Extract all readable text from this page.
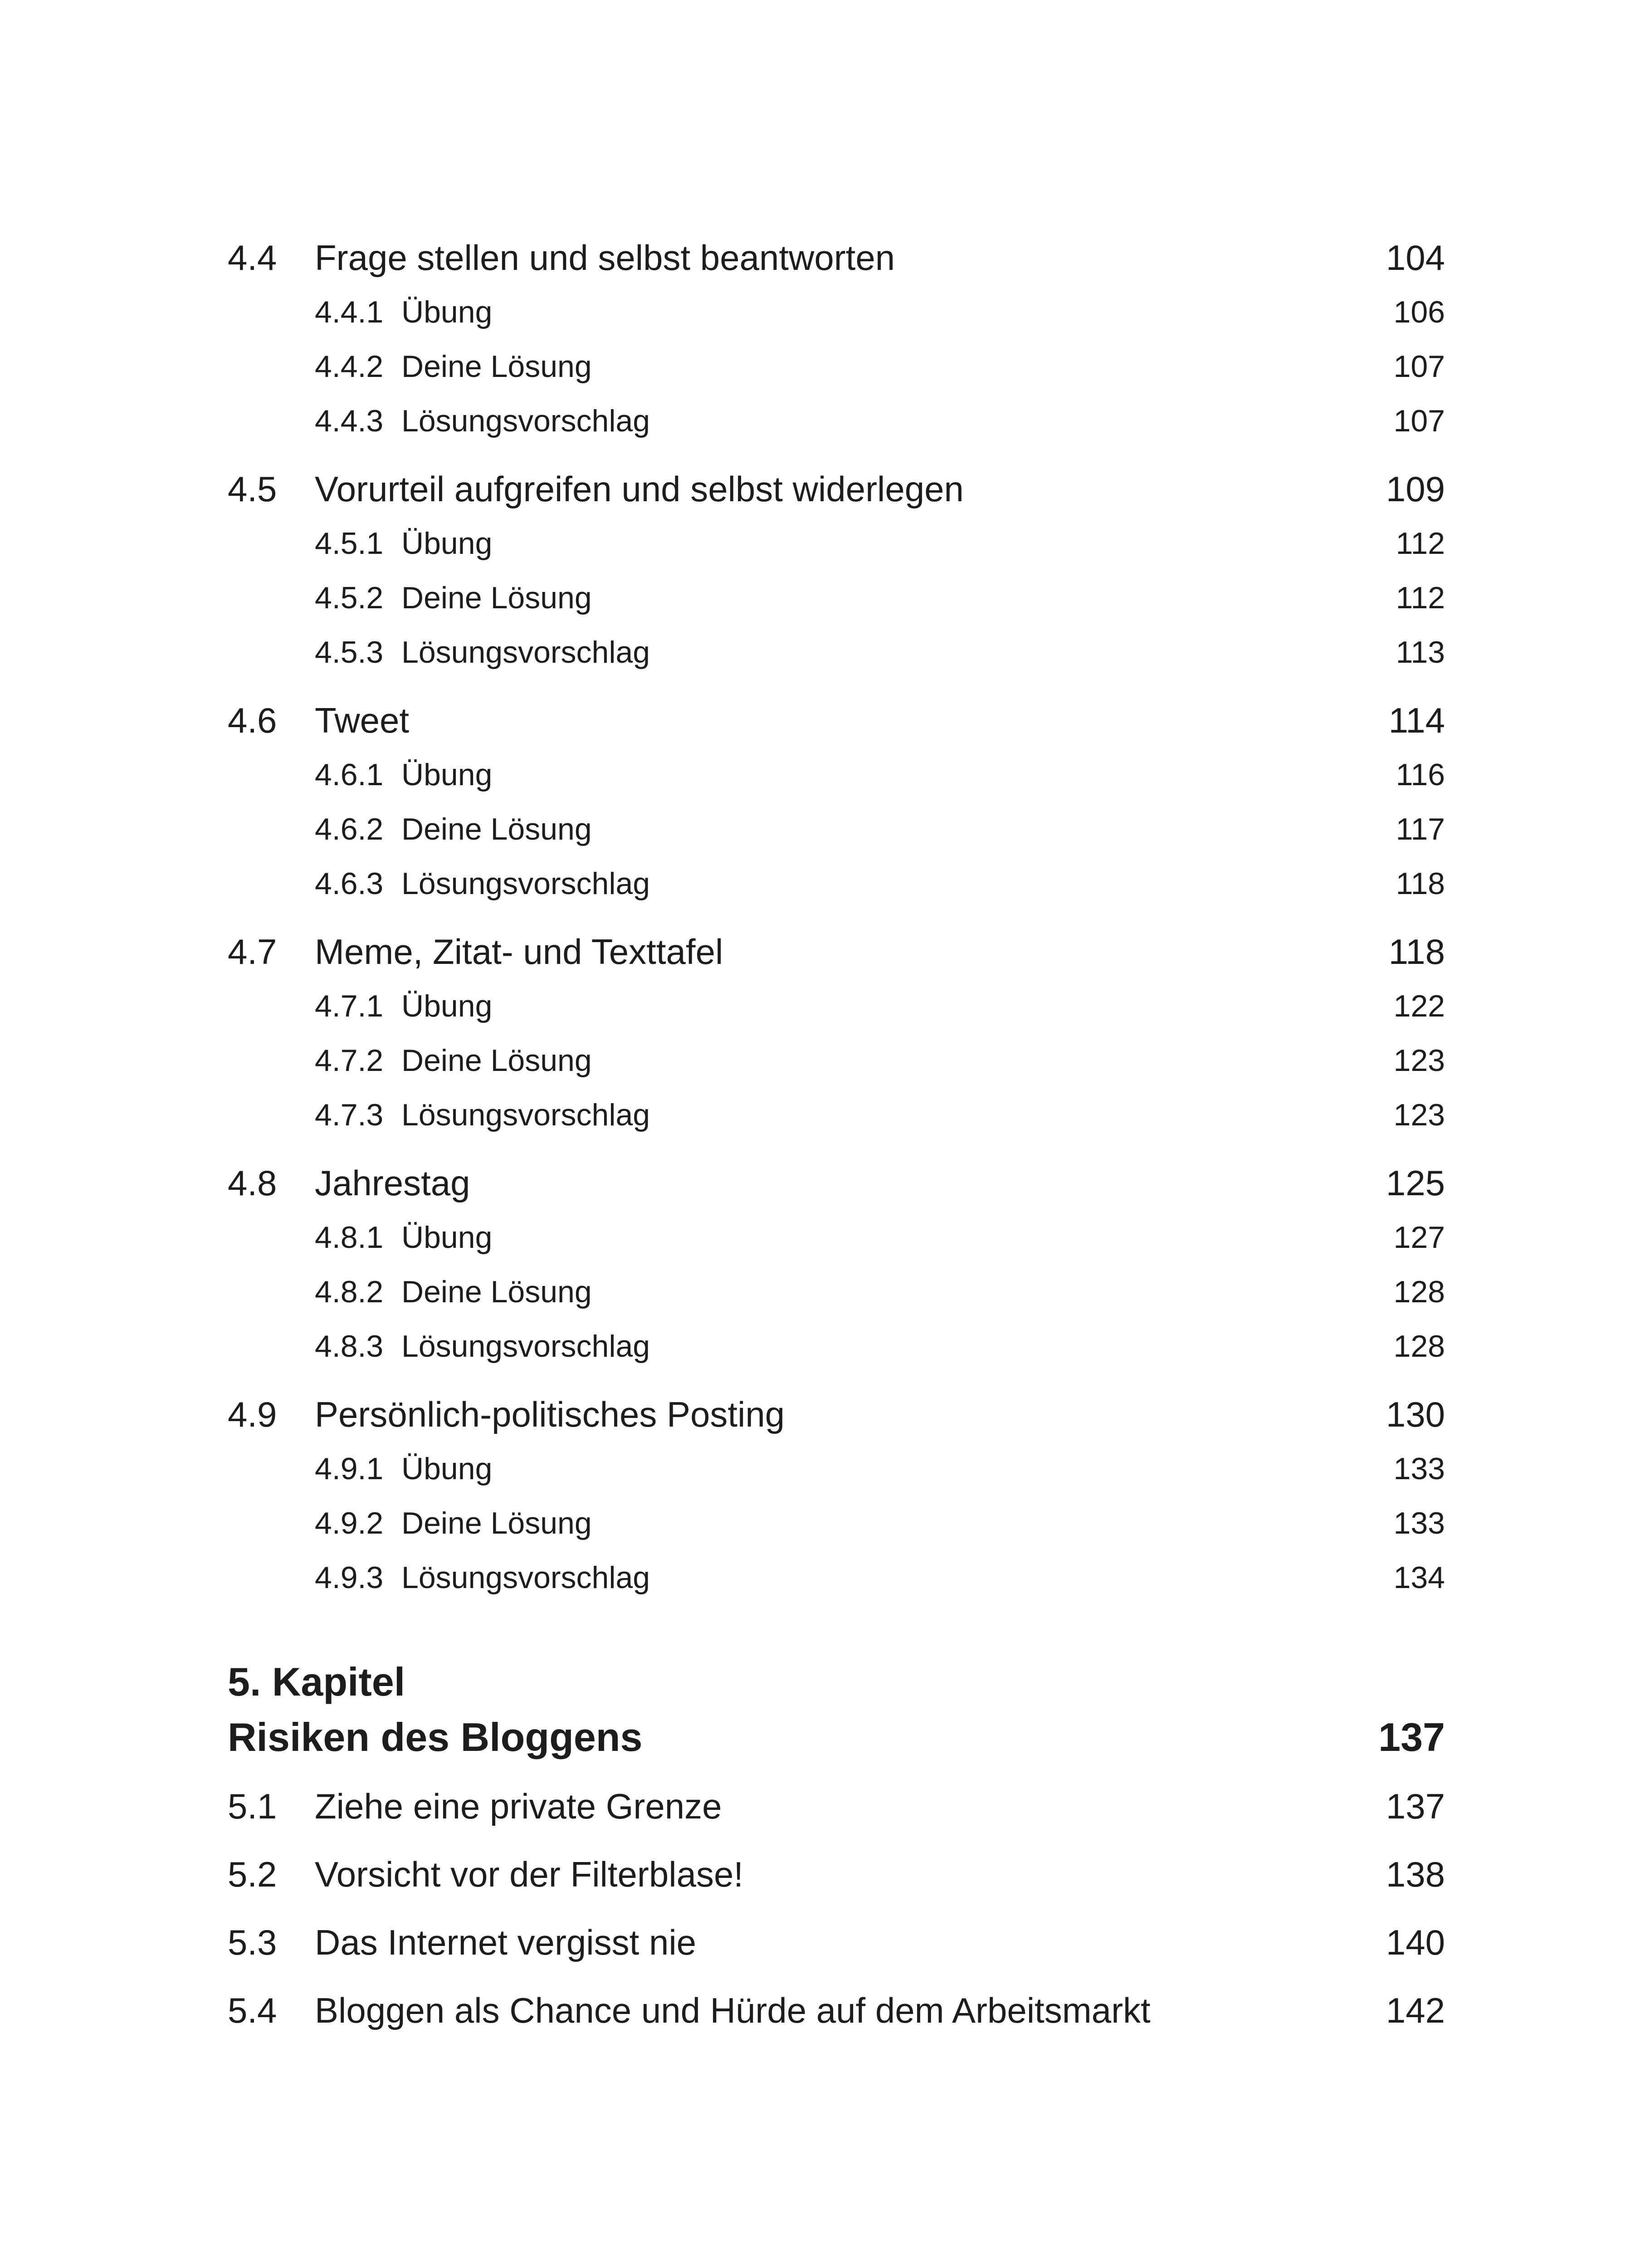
4.4 Frage stellen und selbst beantworten	104
4.4.1 Übung	106
4.4.2 Deine Lösung	107
4.4.3 Lösungsvorschlag	107
4.5 Vorurteil aufgreifen und selbst widerlegen	109
4.5.1 Übung	112
4.5.2 Deine Lösung	112
4.5.3 Lösungsvorschlag	113
4.6 Tweet	114
4.6.1 Übung	116
4.6.2 Deine Lösung	117
4.6.3 Lösungsvorschlag	118
4.7 Meme, Zitat- und Texttafel	118
4.7.1 Übung	122
4.7.2 Deine Lösung	123
4.7.3 Lösungsvorschlag	123
4.8 Jahrestag	125
4.8.1 Übung	127
4.8.2 Deine Lösung	128
4.8.3 Lösungsvorschlag	128
4.9 Persönlich-politisches Posting	130
4.9.1 Übung	133
4.9.2 Deine Lösung	133
4.9.3 Lösungsvorschlag	134
5. Kapitel
Risiken des Bloggens	137
5.1 Ziehe eine private Grenze	137
5.2 Vorsicht vor der Filterblase!	138
5.3 Das Internet vergisst nie	140
5.4 Bloggen als Chance und Hürde auf dem Arbeitsmarkt	142
